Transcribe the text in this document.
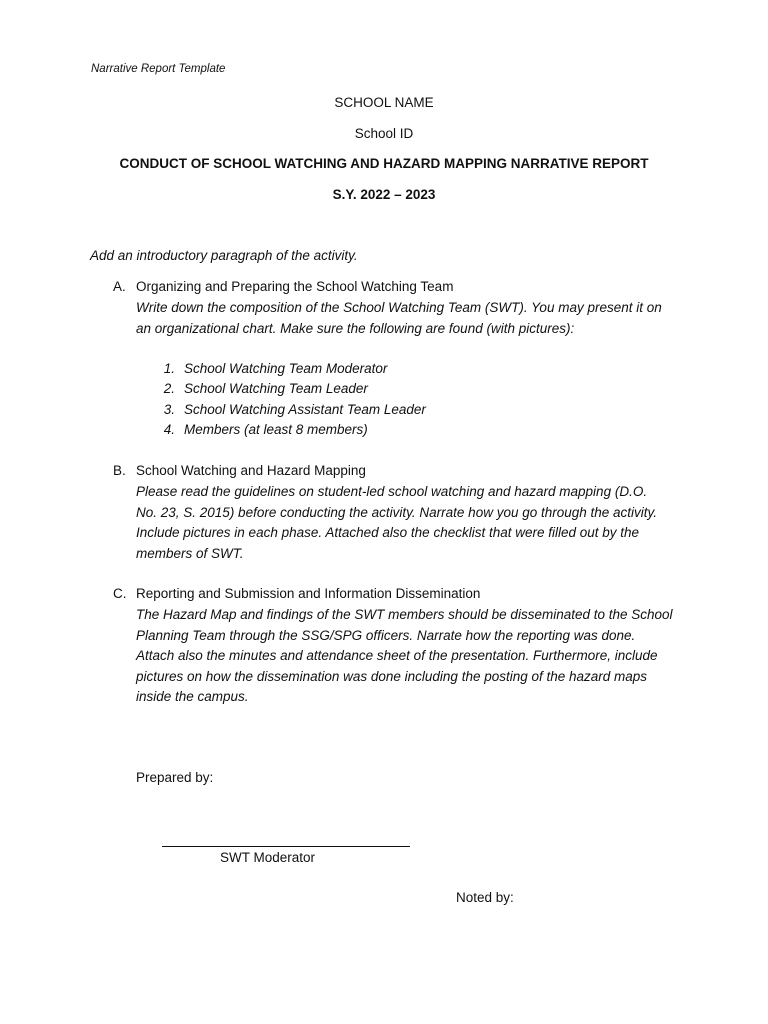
Narrative Report Template
SCHOOL NAME
School ID
CONDUCT OF SCHOOL WATCHING AND HAZARD MAPPING NARRATIVE REPORT
S.Y. 2022 – 2023
Add an introductory paragraph of the activity.
A. Organizing and Preparing the School Watching Team
Write down the composition of the School Watching Team (SWT). You may present it on
an organizational chart. Make sure the following are found (with pictures):
1. School Watching Team Moderator
2. School Watching Team Leader
3. School Watching Assistant Team Leader
4. Members (at least 8 members)
B. School Watching and Hazard Mapping
Please read the guidelines on student-led school watching and hazard mapping (D.O.
No. 23, S. 2015) before conducting the activity. Narrate how you go through the activity.
Include pictures in each phase. Attached also the checklist that were filled out by the
members of SWT.
C. Reporting and Submission and Information Dissemination
The Hazard Map and findings of the SWT members should be disseminated to the School
Planning Team through the SSG/SPG officers. Narrate how the reporting was done.
Attach also the minutes and attendance sheet of the presentation. Furthermore, include
pictures on how the dissemination was done including the posting of the hazard maps
inside the campus.
Prepared by:
SWT Moderator
Noted by:
